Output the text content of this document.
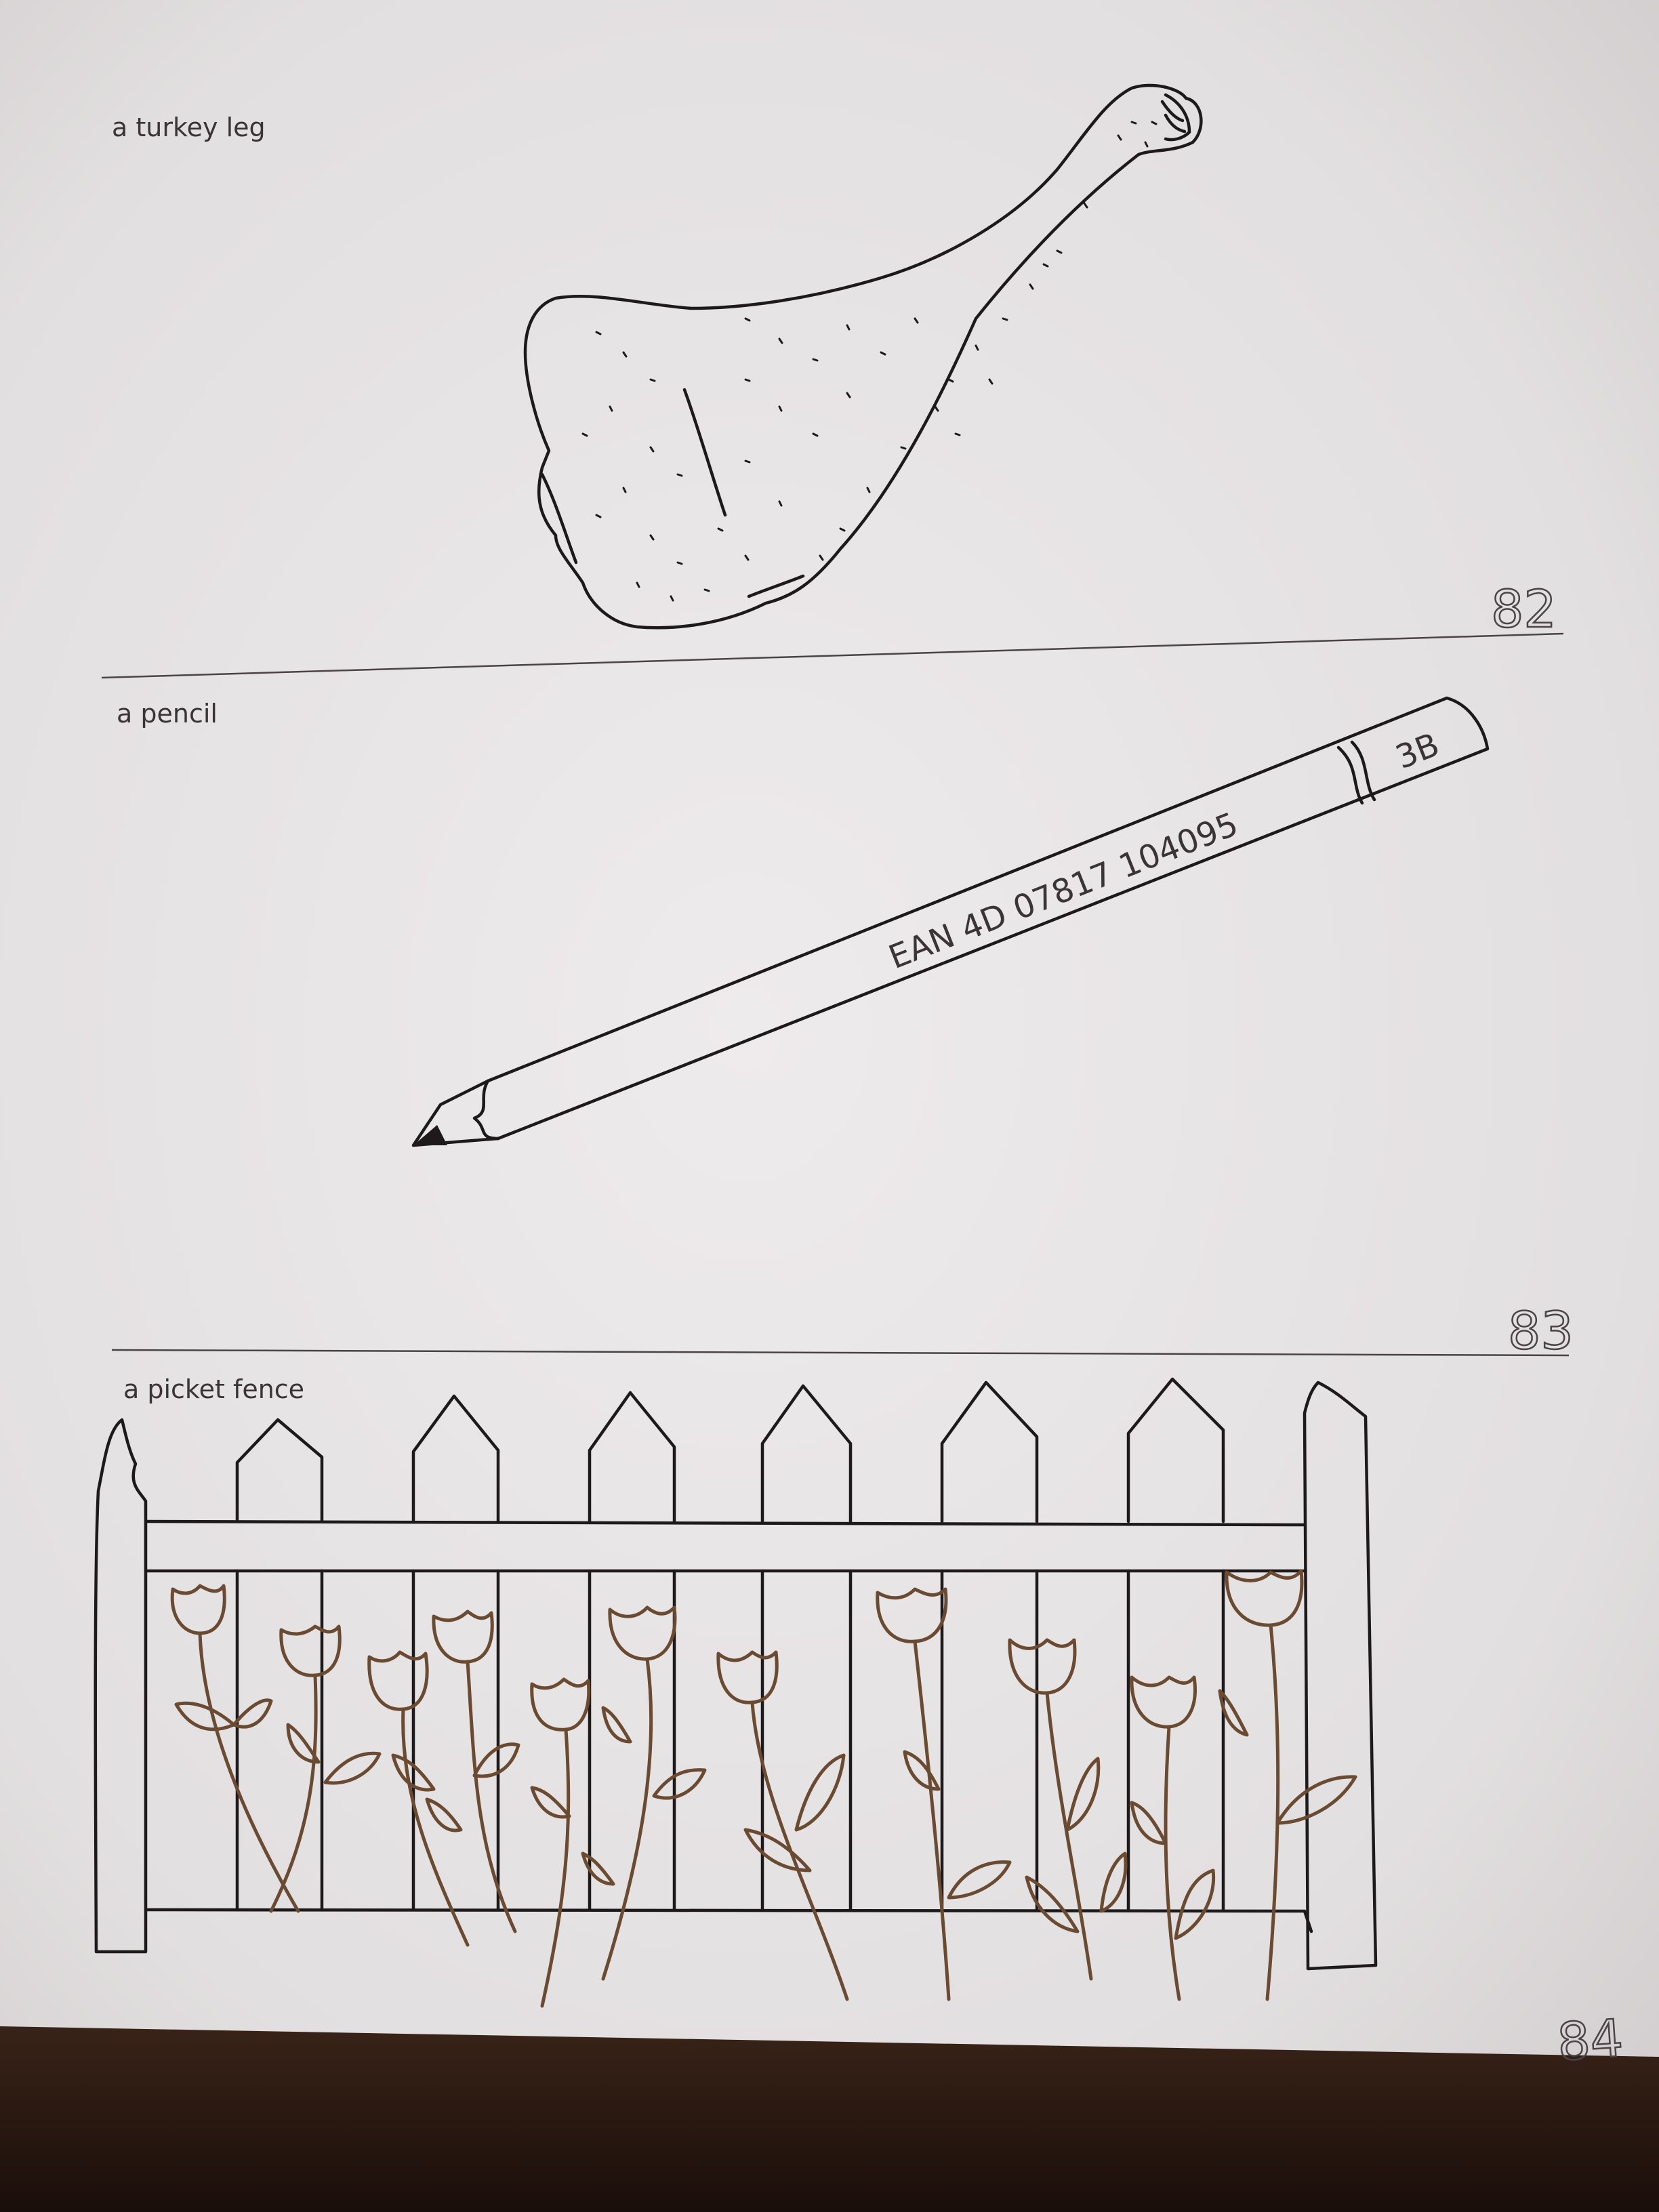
a turkey leg
82
a pencil
EAN 4D 07817 104095
3B
83
a picket fence
84
